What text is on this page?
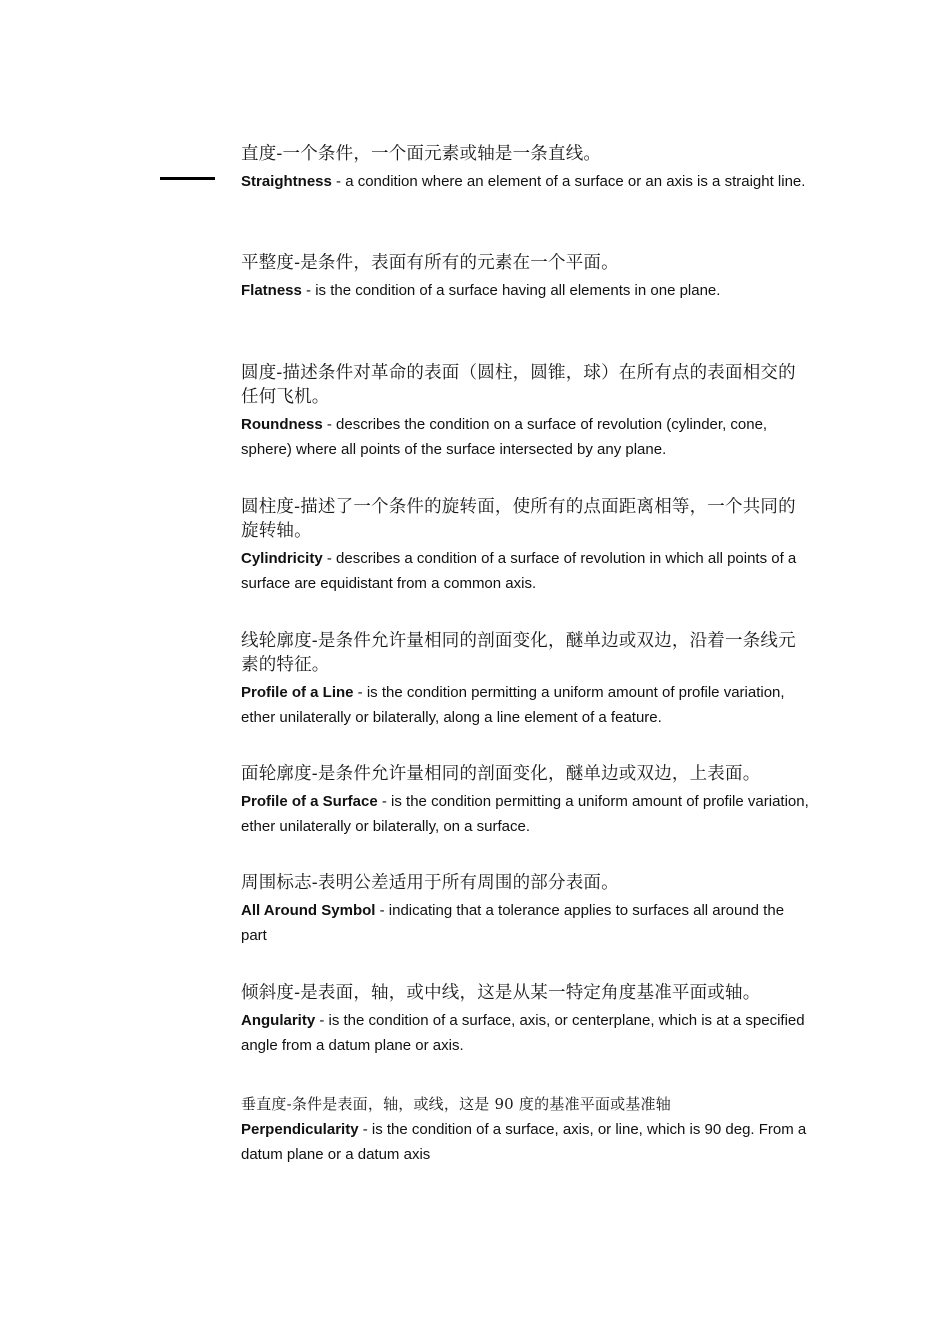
直度-一个条件，一个面元素或轴是一条直线。
Straightness - a condition where an element of a surface or an axis is a straight line.
平整度-是条件，表面有所有的元素在一个平面。
Flatness - is the condition of a surface having all elements in one plane.
圆度-描述条件对革命的表面（圆柱，圆锥，球）在所有点的表面相交的任何飞机。
Roundness - describes the condition on a surface of revolution (cylinder, cone, sphere) where all points of the surface intersected by any plane.
圆柱度-描述了一个条件的旋转面，使所有的点面距离相等，一个共同的旋转轴。
Cylindricity - describes a condition of a surface of revolution in which all points of a surface are equidistant from a common axis.
线轮廓度-是条件允许量相同的剖面变化，醚单边或双边，沿着一条线元素的特征。
Profile of a Line - is the condition permitting a uniform amount of profile variation, ether unilaterally or bilaterally, along a line element of a feature.
面轮廓度-是条件允许量相同的剖面变化，醚单边或双边，上表面。
Profile of a Surface - is the condition permitting a uniform amount of profile variation, ether unilaterally or bilaterally, on a surface.
周围标志-表明公差适用于所有周围的部分表面。
All Around Symbol - indicating that a tolerance applies to surfaces all around the part
倾斜度-是表面，轴，或中线，这是从某一特定角度基准平面或轴。
Angularity - is the condition of a surface, axis, or centerplane, which is at a specified angle from a datum plane or axis.
垂直度-条件是表面，轴，或线，这是 90 度的基准平面或基准轴
Perpendicularity - is the condition of a surface, axis, or line, which is 90 deg. From a datum plane or a datum axis
